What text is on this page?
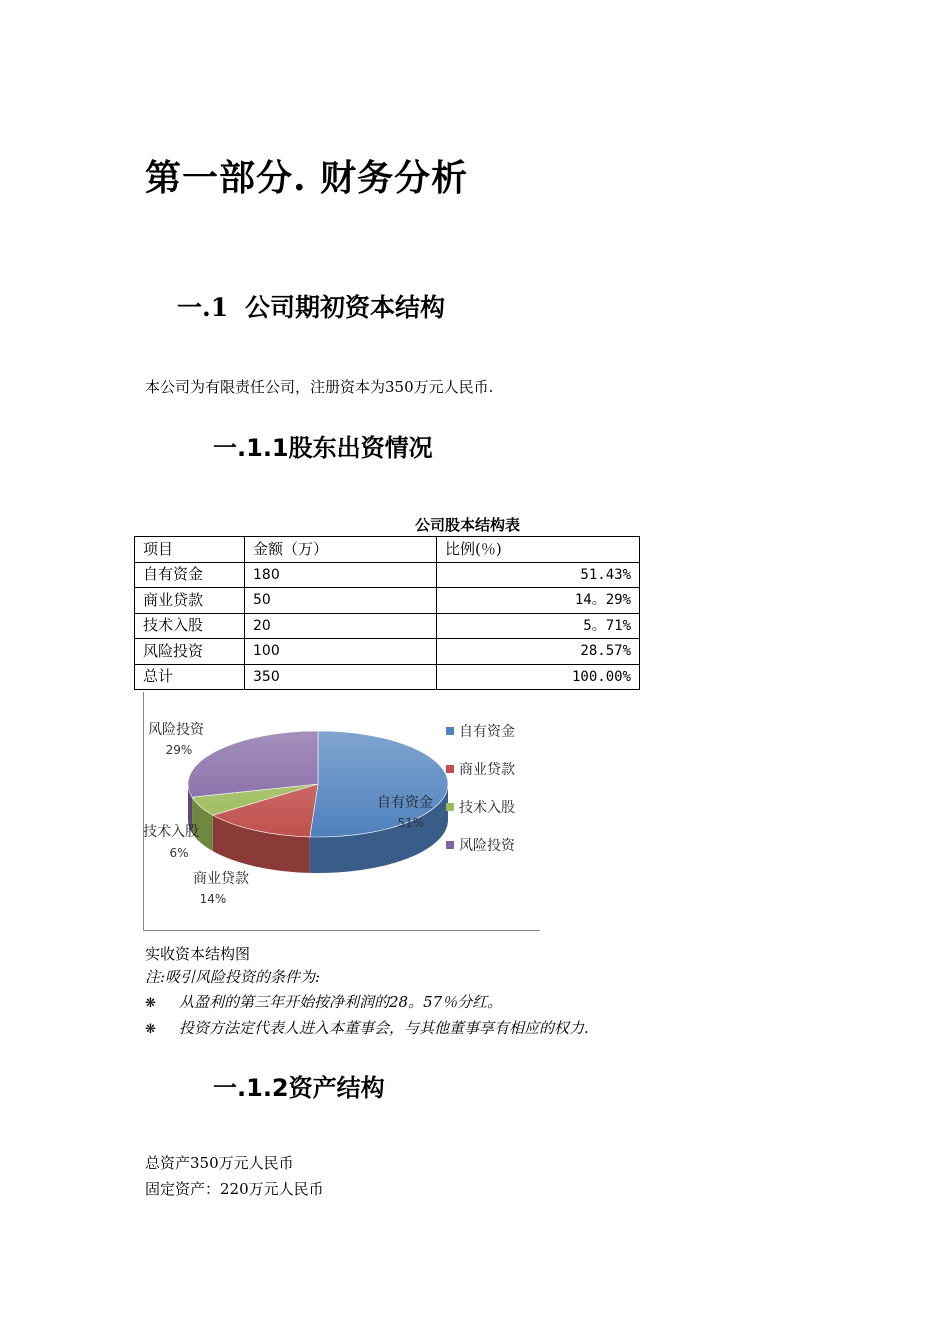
第一部分. 财务分析
一.1 公司期初资本结构
本公司为有限责任公司，注册资本为350万元人民币.
一.1.1股东出资情况
公司股本结构表
项目	金额（万）	比例(％)
自有资金	180	51.43%
商业贷款	50	14。29%
技术入股	20	5。71%
风险投资	100	28.57%
总计	350	100.00%
自有资金
51%
商业贷款
14%
技术入股
6%
风险投资
29%
自有资金
商业贷款
技术入股
风险投资
实收资本结构图
注:吸引风险投资的条件为:
❋ 从盈利的第三年开始按净利润的28。57％分红。
❋ 投资方法定代表人进入本董事会，与其他董事享有相应的权力.
一.1.2资产结构
总资产350万元人民币
固定资产：220万元人民币
